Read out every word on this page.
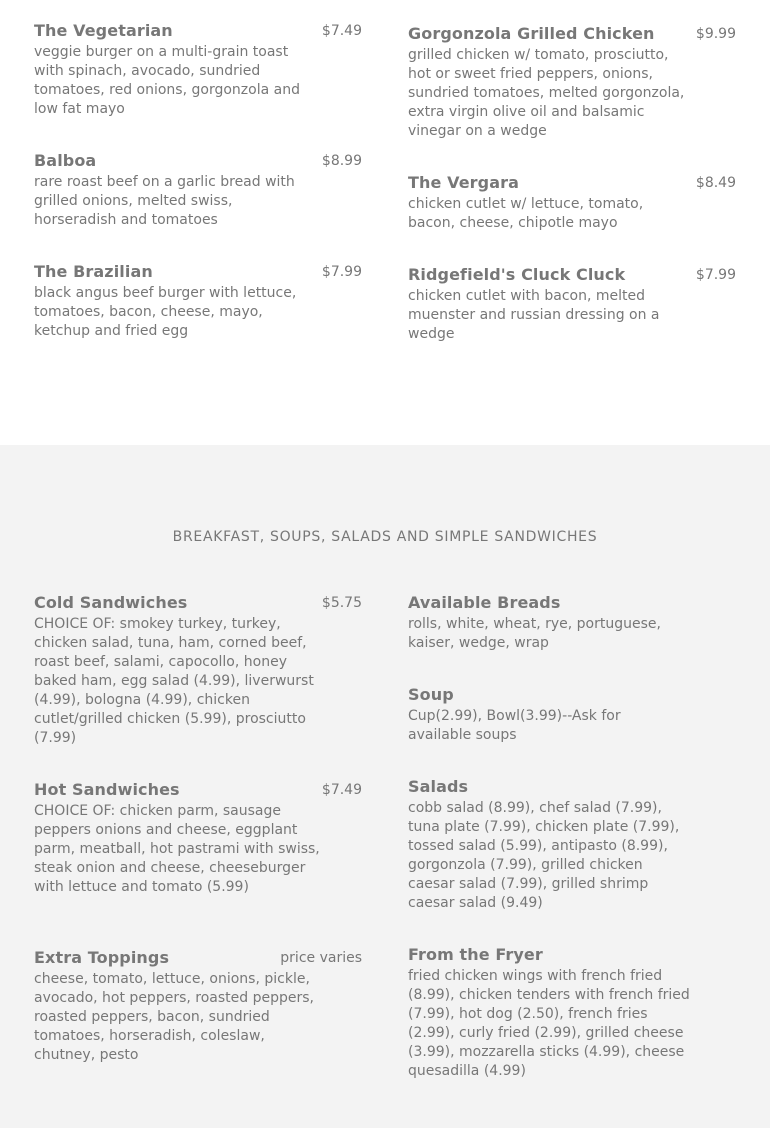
The Vegetarian	$7.49
veggie burger on a multi-grain toast with spinach, avocado, sundried tomatoes, red onions, gorgonzola and low fat mayo
Balboa	$8.99
rare roast beef on a garlic bread with grilled onions, melted swiss, horseradish and tomatoes
The Brazilian	$7.99
black angus beef burger with lettuce, tomatoes, bacon, cheese, mayo, ketchup and fried egg
Gorgonzola Grilled Chicken	$9.99
grilled chicken w/ tomato, prosciutto, hot or sweet fried peppers, onions, sundried tomatoes, melted gorgonzola, extra virgin olive oil and balsamic vinegar on a wedge
The Vergara	$8.49
chicken cutlet w/ lettuce, tomato, bacon, cheese, chipotle mayo
Ridgefield's Cluck Cluck	$7.99
chicken cutlet with bacon, melted muenster and russian dressing on a wedge
BREAKFAST, SOUPS, SALADS AND SIMPLE SANDWICHES
Cold Sandwiches	$5.75
CHOICE OF: smokey turkey, turkey, chicken salad, tuna, ham, corned beef, roast beef, salami, capocollo, honey baked ham, egg salad (4.99), liverwurst (4.99), bologna (4.99), chicken cutlet/grilled chicken (5.99), prosciutto (7.99)
Hot Sandwiches	$7.49
CHOICE OF: chicken parm, sausage peppers onions and cheese, eggplant parm, meatball, hot pastrami with swiss, steak onion and cheese, cheeseburger with lettuce and tomato (5.99)
Extra Toppings	price varies
cheese, tomato, lettuce, onions, pickle, avocado, hot peppers, roasted peppers, roasted peppers, bacon, sundried tomatoes, horseradish, coleslaw, chutney, pesto
Available Breads
rolls, white, wheat, rye, portuguese, kaiser, wedge, wrap
Soup
Cup(2.99), Bowl(3.99)--Ask for available soups
Salads
cobb salad (8.99), chef salad (7.99), tuna plate (7.99), chicken plate (7.99), tossed salad (5.99), antipasto (8.99), gorgonzola (7.99), grilled chicken caesar salad (7.99), grilled shrimp caesar salad (9.49)
From the Fryer
fried chicken wings with french fried (8.99), chicken tenders with french fried (7.99), hot dog (2.50), french fries (2.99), curly fried (2.99), grilled cheese (3.99), mozzarella sticks (4.99), cheese quesadilla (4.99)
